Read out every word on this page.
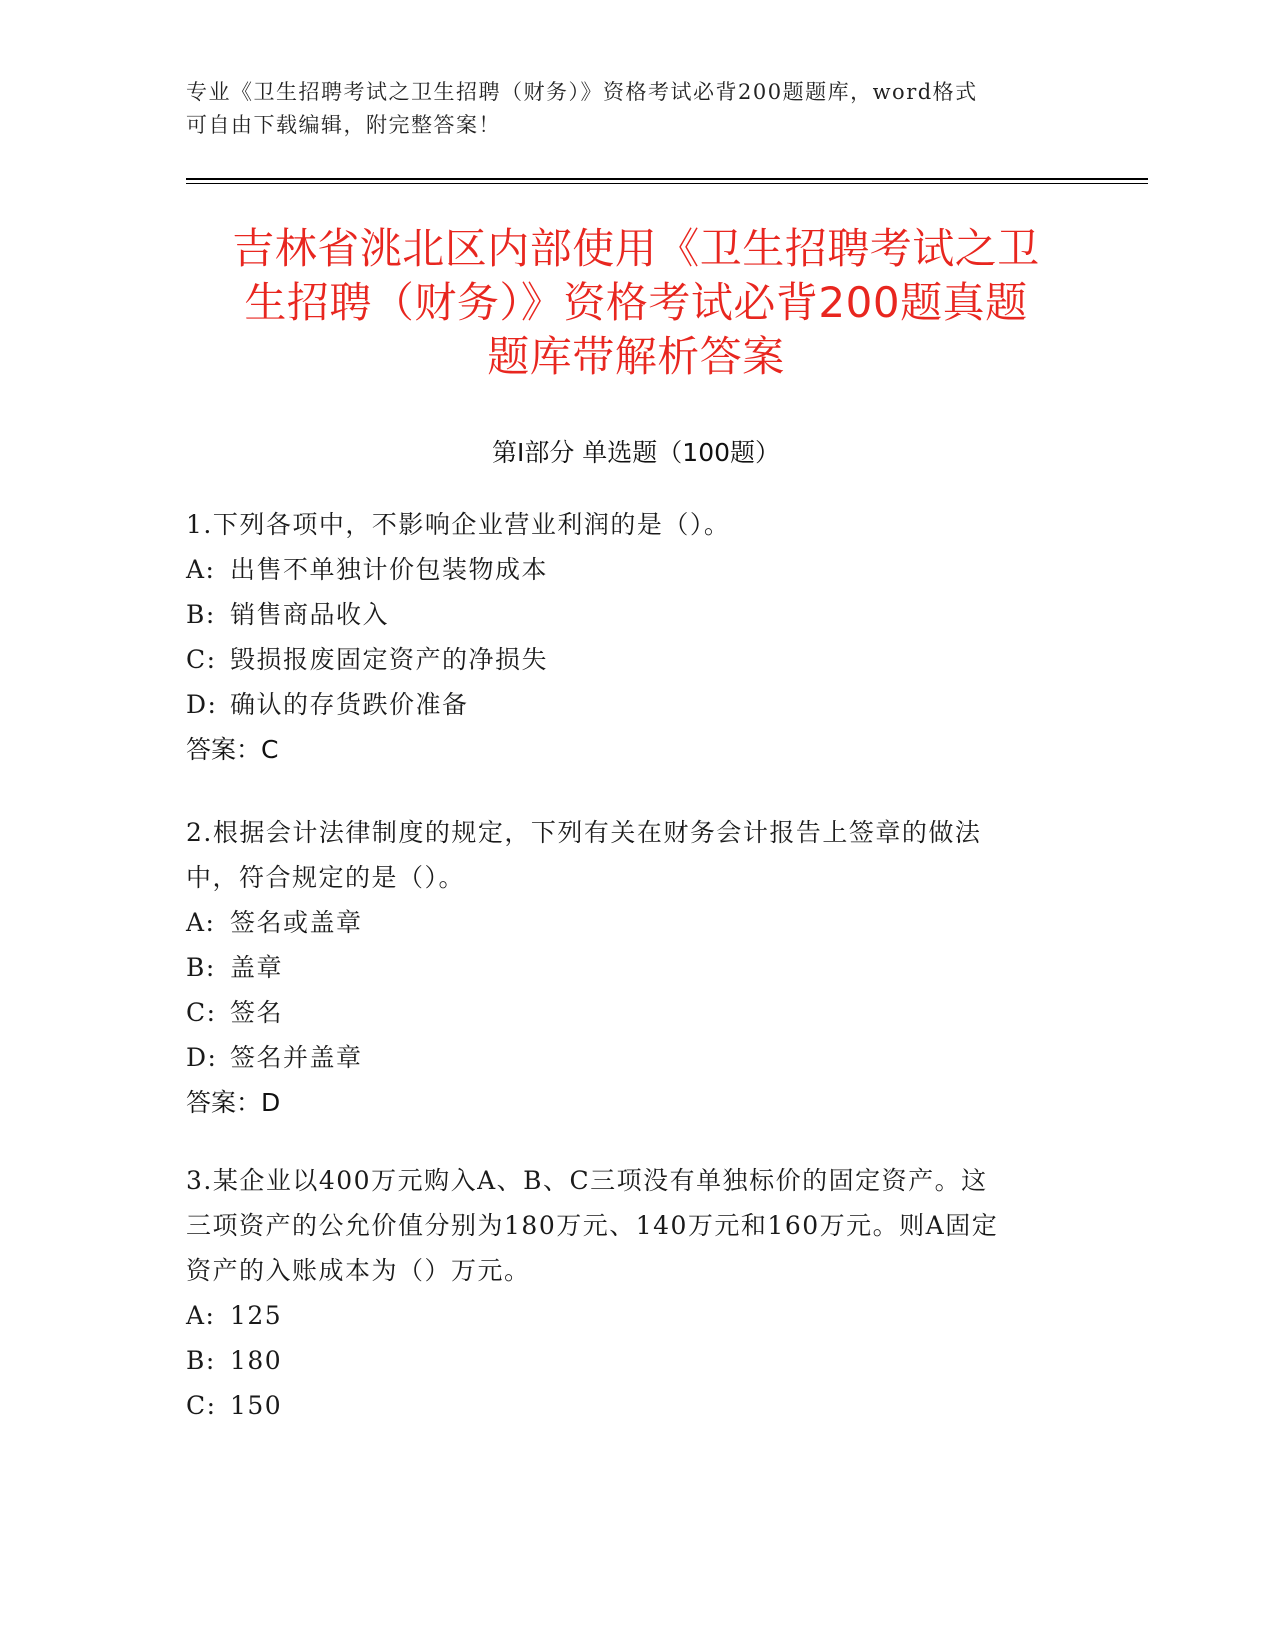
专业《卫生招聘考试之卫生招聘（财务）》资格考试必背200题题库，word格式
可自由下载编辑，附完整答案！
吉林省洮北区内部使用《卫生招聘考试之卫
生招聘（财务）》资格考试必背200题真题
题库带解析答案
第Ⅰ部分 单选题（100题）
1.下列各项中，不影响企业营业利润的是（）。
A: 出售不单独计价包装物成本
B: 销售商品收入
C: 毁损报废固定资产的净损失
D: 确认的存货跌价准备
答案：C
2.根据会计法律制度的规定，下列有关在财务会计报告上签章的做法
中，符合规定的是（）。
A: 签名或盖章
B: 盖章
C: 签名
D: 签名并盖章
答案：D
3.某企业以400万元购入A、B、C三项没有单独标价的固定资产。这
三项资产的公允价值分别为180万元、140万元和160万元。则A固定
资产的入账成本为（）万元。
A: 125
B: 180
C: 150
